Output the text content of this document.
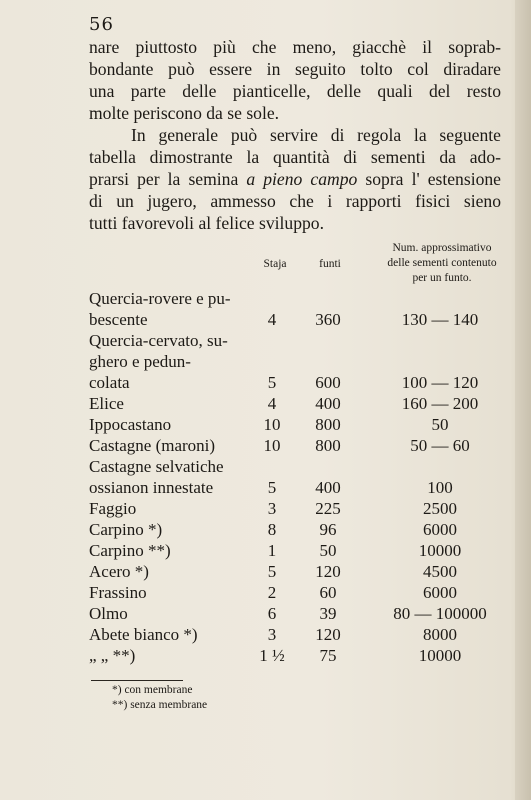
56

nare piuttosto più che meno, giacchè il soprab-

bondante può essere in seguito tolto col diradare

una parte delle pianticelle, delle quali del resto

molte periscono da se sole.

In generale può servire di regola la seguente

tabella dimostrante la quantità di sementi da ado-

prarsi per la semina a pieno campo sopra l' estensione

di un jugero, ammesso che i rapporti fisici sieno

tutti favorevoli al felice sviluppo.

Staja	funti
Num. approssimativo
delle sementi contenuto
per un funto.
Quercia-rovere e pu-
bescente	4	360	130 — 140
Quercia-cervato, su-
ghero e pedun-
colata	5	600	100 — 120
Elice	4	400	160 — 200
Ippocastano	10	800	50
Castagne (maroni)	10	800	50 — 60
Castagne selvatiche
ossianon innestate	5	400	100
Faggio	3	225	2500
Carpino *)	8	96	6000
Carpino **)	1	50	10000
Acero *)	5	120	4500
Frassino	2	60	6000
Olmo	6	39	80 — 100000
Abete bianco *)	3	120	8000
„ „ **)	1 ½	75	10000
*) con membrane
**) senza membrane
